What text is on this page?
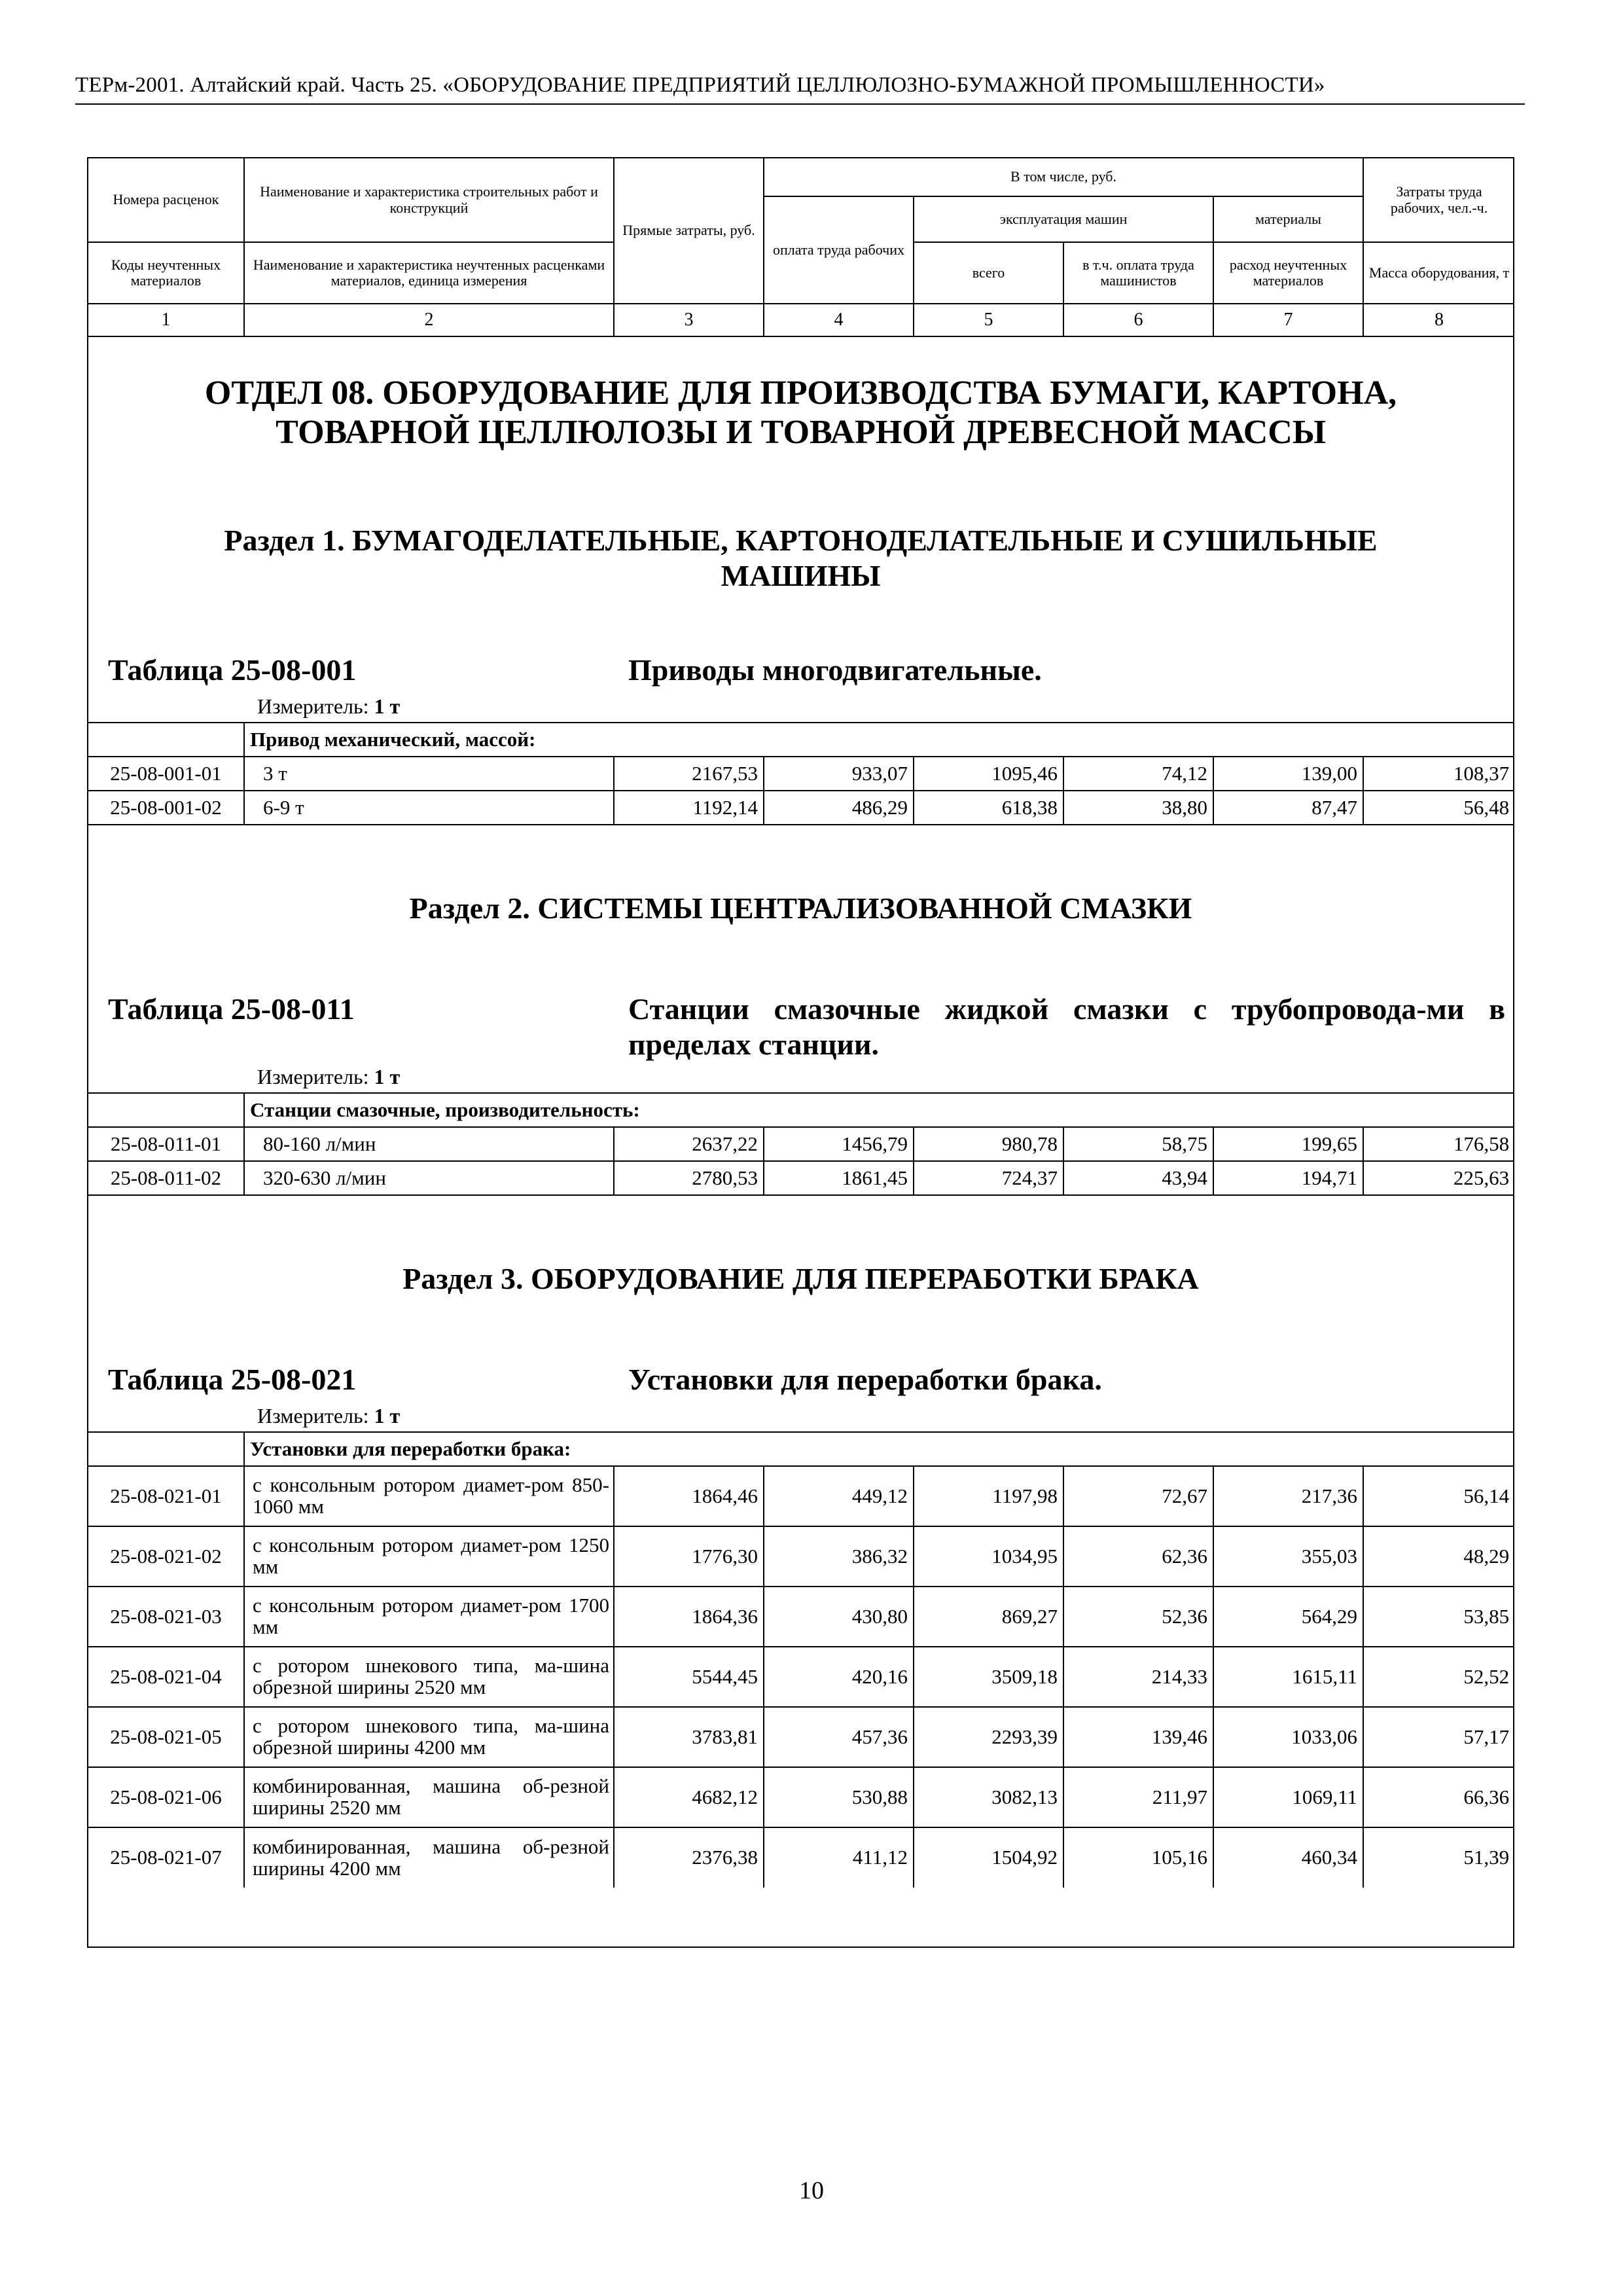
ТЕРм-2001. Алтайский край. Часть 25. «ОБОРУДОВАНИЕ ПРЕДПРИЯТИЙ ЦЕЛЛЮЛОЗНО-БУМАЖНОЙ ПРОМЫШЛЕННОСТИ»
Номера расценок	Наименование и характеристика строительных работ и конструкций	Прямые затраты, руб.	В том числе, руб.				Затраты труда рабочих, чел.-ч.
			оплата труда рабочих	эксплуатация машин		материалы	
Коды неучтенных материалов	Наименование и характеристика неучтенных расценками материалов, единица измерения			всего	в т.ч. оплата труда машинистов	расход неучтенных материалов	Масса оборудования, т
1	2	3	4	5	6	7	8

ОТДЕЛ 08. ОБОРУДОВАНИЕ ДЛЯ ПРОИЗВОДСТВА БУМАГИ, КАРТОНА, ТОВАРНОЙ ЦЕЛЛЮЛОЗЫ И ТОВАРНОЙ ДРЕВЕСНОЙ МАССЫ

Раздел 1. БУМАГОДЕЛАТЕЛЬНЫЕ, КАРТОНОДЕЛАТЕЛЬНЫЕ И СУШИЛЬНЫЕ МАШИНЫ

Таблица 25-08-001	Приводы многодвигательные.
Измеритель: 1 т
	Привод механический, массой:						
25-08-001-01	3 т	2167,53	933,07	1095,46	74,12	139,00	108,37
25-08-001-02	6-9 т	1192,14	486,29	618,38	38,80	87,47	56,48

Раздел 2. СИСТЕМЫ ЦЕНТРАЛИЗОВАННОЙ СМАЗКИ

Таблица 25-08-011	Станции смазочные жидкой смазки с трубопровода-ми в пределах станции.
Измеритель: 1 т
	Станции смазочные, производительность:						
25-08-011-01	80-160 л/мин	2637,22	1456,79	980,78	58,75	199,65	176,58
25-08-011-02	320-630 л/мин	2780,53	1861,45	724,37	43,94	194,71	225,63

Раздел 3. ОБОРУДОВАНИЕ ДЛЯ ПЕРЕРАБОТКИ БРАКА

Таблица 25-08-021	Установки для переработки брака.
Измеритель: 1 т
	Установки для переработки брака:						
25-08-021-01	с консольным ротором диамет-ром 850-1060 мм	1864,46	449,12	1197,98	72,67	217,36	56,14
25-08-021-02	с консольным ротором диамет-ром 1250 мм	1776,30	386,32	1034,95	62,36	355,03	48,29
25-08-021-03	с консольным ротором диамет-ром 1700 мм	1864,36	430,80	869,27	52,36	564,29	53,85
25-08-021-04	с ротором шнекового типа, ма-шина обрезной ширины 2520 мм	5544,45	420,16	3509,18	214,33	1615,11	52,52
25-08-021-05	с ротором шнекового типа, ма-шина обрезной ширины 4200 мм	3783,81	457,36	2293,39	139,46	1033,06	57,17
25-08-021-06	комбинированная, машина об-резной ширины 2520 мм	4682,12	530,88	3082,13	211,97	1069,11	66,36
25-08-021-07	комбинированная, машина об-резной ширины 4200 мм	2376,38	411,12	1504,92	105,16	460,34	51,39
10
